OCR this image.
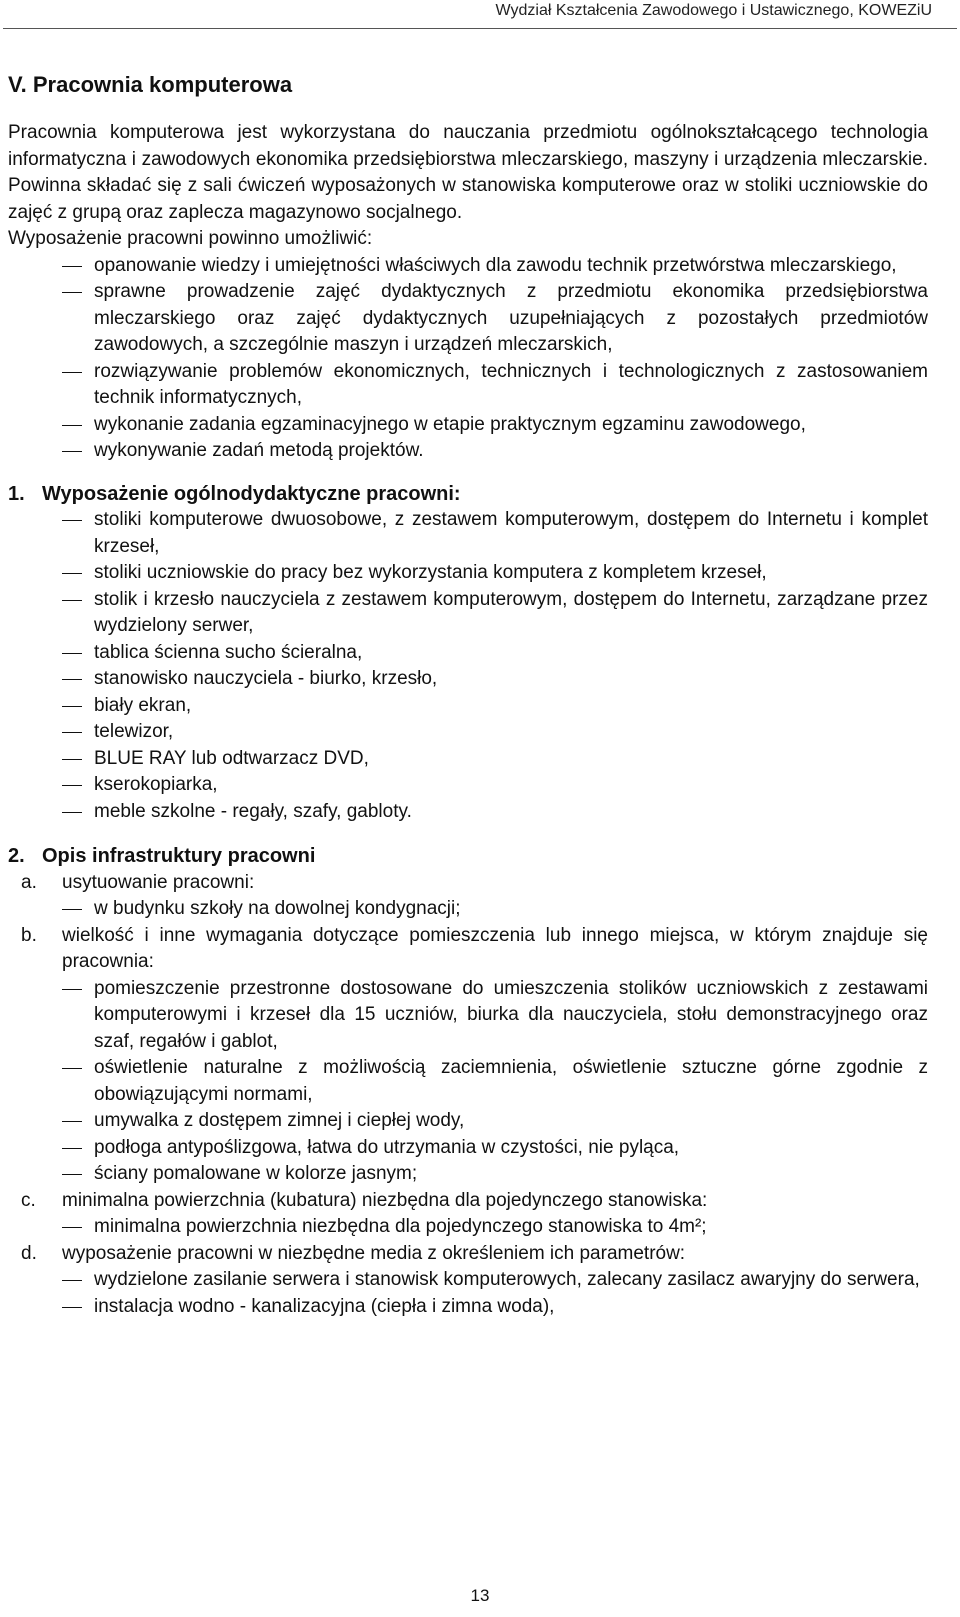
Wydział Kształcenia Zawodowego i Ustawicznego, KOWEZiU
V. Pracownia komputerowa

Pracownia komputerowa jest wykorzystana do nauczania przedmiotu ogólnokształcącego technologia informatyczna i zawodowych ekonomika przedsiębiorstwa mleczarskiego, maszyny i urządzenia mleczarskie. Powinna składać się z sali ćwiczeń wyposażonych w stanowiska komputerowe oraz w stoliki uczniowskie do zajęć z grupą oraz zaplecza magazynowo socjalnego.

Wyposażenie pracowni powinno umożliwić:

opanowanie wiedzy i umiejętności właściwych dla zawodu technik przetwórstwa mleczarskiego,
sprawne prowadzenie zajęć dydaktycznych z przedmiotu ekonomika przedsiębiorstwa mleczarskiego oraz zajęć dydaktycznych uzupełniających z pozostałych przedmiotów zawodowych, a szczególnie maszyn i urządzeń mleczarskich,
rozwiązywanie problemów ekonomicznych, technicznych i technologicznych z zastosowaniem technik informatycznych,
wykonanie zadania egzaminacyjnego w etapie praktycznym egzaminu zawodowego,
wykonywanie zadań metodą projektów.
1. Wyposażenie ogólnodydaktyczne pracowni:
stoliki komputerowe dwuosobowe, z zestawem komputerowym, dostępem do Internetu i komplet krzeseł,
stoliki uczniowskie do pracy bez wykorzystania komputera z kompletem krzeseł,
stolik i krzesło nauczyciela z zestawem komputerowym, dostępem do Internetu, zarządzane przez wydzielony serwer,
tablica ścienna sucho ścieralna,
stanowisko nauczyciela - biurko, krzesło,
biały ekran,
telewizor,
BLUE RAY lub odtwarzacz DVD,
kserokopiarka,
meble szkolne - regały, szafy, gabloty.
2. Opis infrastruktury pracowni
a. usytuowanie pracowni:
w budynku szkoły na dowolnej kondygnacji;
b. wielkość i inne wymagania dotyczące pomieszczenia lub innego miejsca, w którym znajduje się pracownia:
pomieszczenie przestronne dostosowane do umieszczenia stolików uczniowskich z zestawami komputerowymi i krzeseł dla 15 uczniów, biurka dla nauczyciela, stołu demonstracyjnego oraz szaf, regałów i gablot,
oświetlenie naturalne z możliwością zaciemnienia, oświetlenie sztuczne górne zgodnie z obowiązującymi normami,
umywalka z dostępem zimnej i ciepłej wody,
podłoga antypoślizgowa, łatwa do utrzymania w czystości, nie pyląca,
ściany pomalowane w kolorze jasnym;
c. minimalna powierzchnia (kubatura) niezbędna dla pojedynczego stanowiska:
minimalna powierzchnia niezbędna dla pojedynczego stanowiska to 4m²;
d. wyposażenie pracowni w niezbędne media z określeniem ich parametrów:
wydzielone zasilanie serwera i stanowisk komputerowych, zalecany zasilacz awaryjny do serwera,
instalacja wodno - kanalizacyjna (ciepła i zimna woda),
13
